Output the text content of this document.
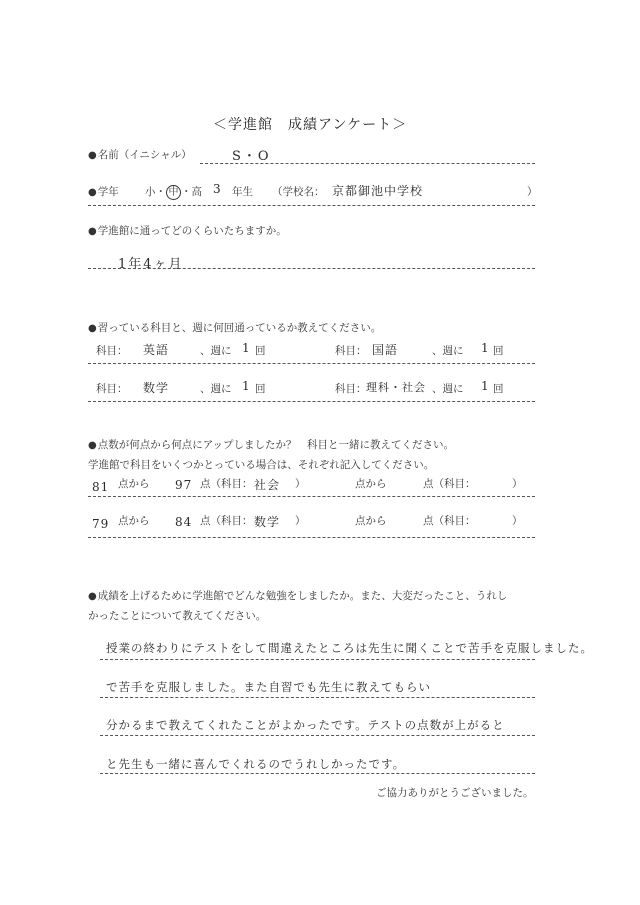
＜学進館　成績アンケート＞
● 名前（イニシャル）	S・O
● 学年	小・ 中 ・高 3 年生 （学校名： 京都御池中学校	）
● 学進館に通ってどのくらいたちますか。
1年4ヶ月
● 習っている科目と、週に何回通っているか教えてください。
科目： 英語	、週に 1 回	科目： 国語	、週に 1 回
科目： 数学	、週に 1 回	科目： 理科・社会 、週に 1 回
● 点数が何点から何点にアップしましたか？　科目と一緒に教えてください。
学進館で科目をいくつかとっている場合は、それぞれ記入してください。
81 点から 97 点（科目： 社会 ）	点から	点（科目：	）
79 点から 84 点（科目： 数学 ）	点から	点（科目：	）
● 成績を上げるために学進館でどんな勉強をしましたか。また、大変だったこと、うれし
かったことについて教えてください。
授業の終わりにテストをして間違えたところは先生に聞くことで苦手を克服しました。
で苦手を克服しました。また自習でも先生に教えてもらい
分かるまで教えてくれたことがよかったです。テストの点数が上がると
と先生も一緒に喜んでくれるのでうれしかったです。
ご協力ありがとうございました。
